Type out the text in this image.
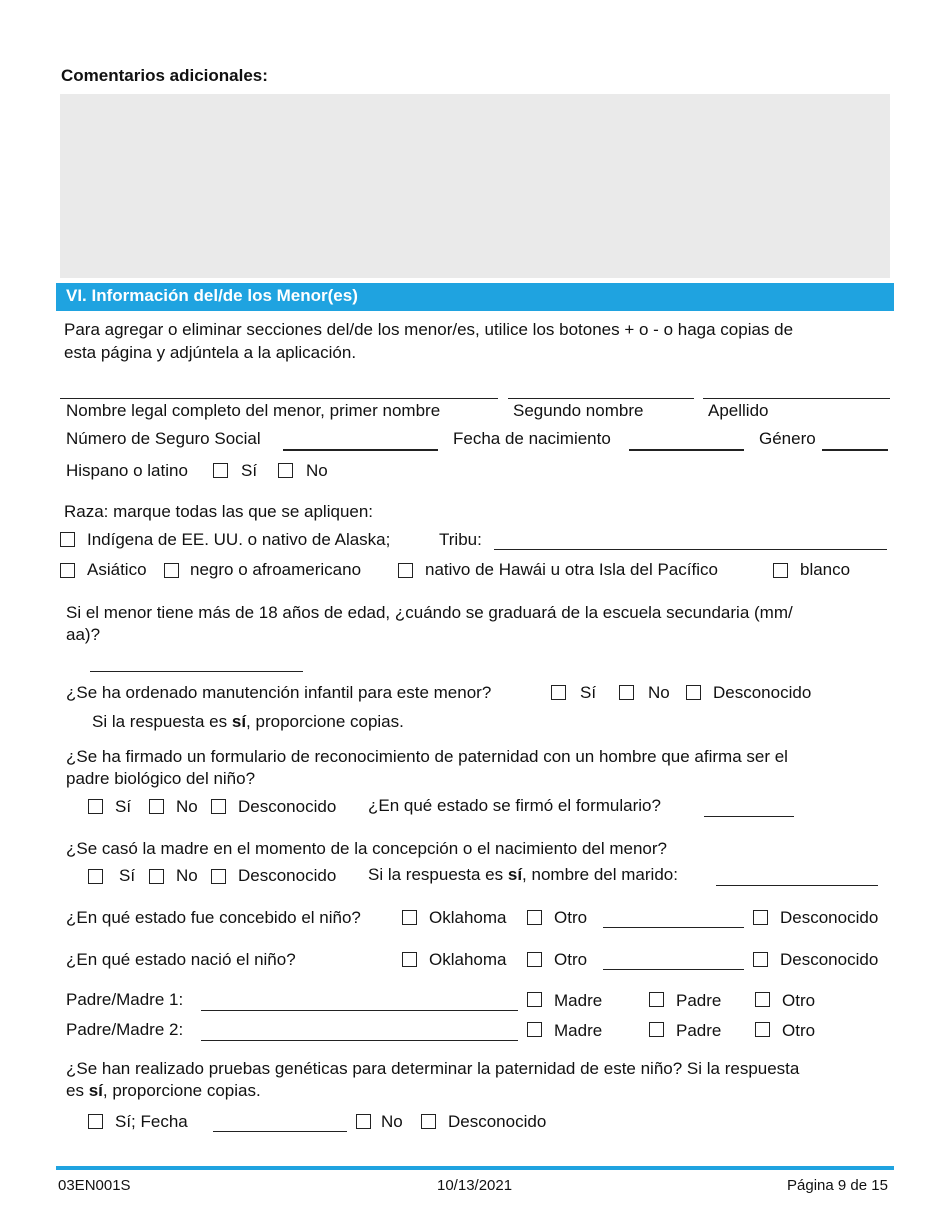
Comentarios adicionales:
VI. Información del/de los Menor(es)
Para agregar o eliminar secciones del/de los menor/es, utilice los botones + o - o haga copias de
esta página y adjúntela a la aplicación.
Nombre legal completo del menor, primer nombre	Segundo nombre	Apellido
Número de Seguro Social	Fecha de nacimiento	Género
Hispano o latino	Sí	No
Raza: marque todas las que se apliquen:
Indígena de EE. UU. o nativo de Alaska;	Tribu:
Asiático	negro o afroamericano	nativo de Hawái u otra Isla del Pacífico	blanco
Si el menor tiene más de 18 años de edad, ¿cuándo se graduará de la escuela secundaria (mm/
aa)?
¿Se ha ordenado manutención infantil para este menor?	Sí	No	Desconocido
Si la respuesta es sí, proporcione copias.
¿Se ha firmado un formulario de reconocimiento de paternidad con un hombre que afirma ser el
padre biológico del niño?
Sí	No Desconocido ¿En qué estado se firmó el formulario?
¿Se casó la madre en el momento de la concepción o el nacimiento del menor?
Sí No Desconocido Si la respuesta es sí, nombre del marido:
¿En qué estado fue concebido el niño?	Oklahoma	Otro	Desconocido
¿En qué estado nació el niño?	Oklahoma	Otro	Desconocido
Padre/Madre 1:	Madre	Padre	Otro
Padre/Madre 2:	Madre	Padre	Otro
¿Se han realizado pruebas genéticas para determinar la paternidad de este niño? Si la respuesta
es sí, proporcione copias.
Sí; Fecha	No	Desconocido
03EN001S	10/13/2021	Página 9 de 15
